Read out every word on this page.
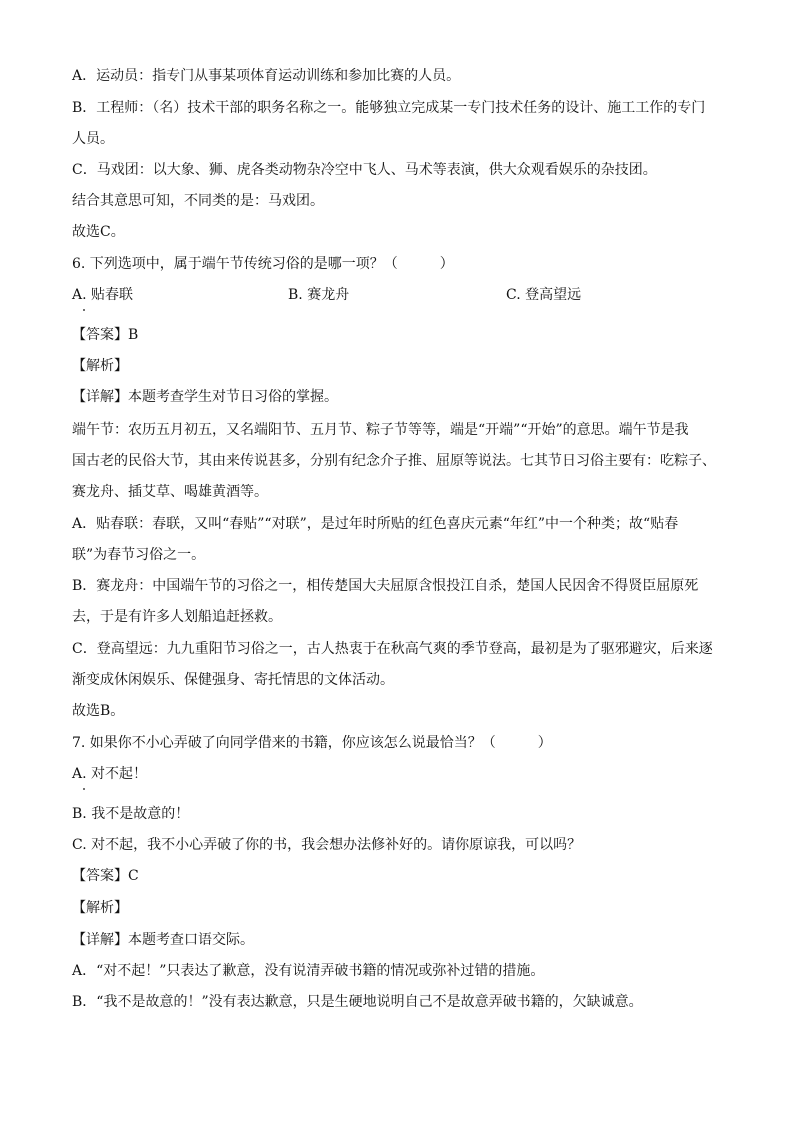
A．运动员：指专门从事某项体育运动训练和参加比赛的人员。
B．工程师：（名）技术干部的职务名称之一。能够独立完成某一专门技术任务的设计、施工工作的专门
人员。
C．马戏团：以大象、狮、虎各类动物杂冷空中飞人、马术等表演，供大众观看娱乐的杂技团。
结合其意思可知，不同类的是：马戏团。
故选C。
6. 下列选项中，属于端午节传统习俗的是哪一项？（　　　）
A. 贴春联	B. 赛龙舟	C. 登高望远
【答案】B
【解析】
【详解】本题考查学生对节日习俗的掌握。
端午节：农历五月初五，又名端阳节、五月节、粽子节等等，端是“开端”“开始”的意思。端午节是我
国古老的民俗大节，其由来传说甚多，分别有纪念介子推、屈原等说法。七其节日习俗主要有：吃粽子、
赛龙舟、插艾草、喝雄黄酒等。
A．贴春联：春联，又叫“春贴”“对联”，是过年时所贴的红色喜庆元素“年红”中一个种类；故“贴春
联”为春节习俗之一。
B．赛龙舟：中国端午节的习俗之一，相传楚国大夫屈原含恨投江自杀，楚国人民因舍不得贤臣屈原死
去，于是有许多人划船追赶拯救。
C．登高望远：九九重阳节习俗之一，古人热衷于在秋高气爽的季节登高，最初是为了驱邪避灾，后来逐
渐变成休闲娱乐、保健强身、寄托情思的文体活动。
故选B。
7. 如果你不小心弄破了向同学借来的书籍，你应该怎么说最恰当？（　　　）
A. 对不起！
B. 我不是故意的！
C. 对不起，我不小心弄破了你的书，我会想办法修补好的。请你原谅我，可以吗？
【答案】C
【解析】
【详解】本题考查口语交际。
A．“对不起！”只表达了歉意，没有说清弄破书籍的情况或弥补过错的措施。
B．“我不是故意的！”没有表达歉意，只是生硬地说明自己不是故意弄破书籍的，欠缺诚意。
